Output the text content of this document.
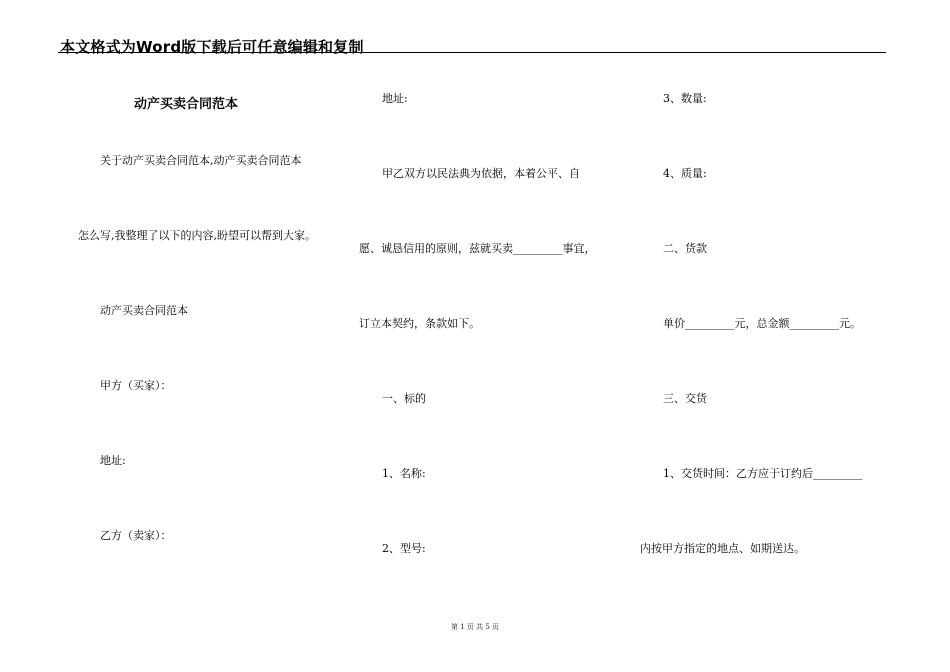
本文格式为Word版下载后可任意编辑和复制
动产买卖合同范本
关于动产买卖合同范本,动产买卖合同范本
怎么写,我整理了以下的内容,盼望可以帮到大家。
动产买卖合同范本
甲方（买家）：
地址:
乙方（卖家）：
地址:
甲乙双方以民法典为依据，本着公平、自
愿、诚恳信用的原则，兹就买卖_________事宜，
订立本契约，条款如下。
一、标的
1、名称:
2、型号:
3、数量:
4、质量:
二、货款
单价_________元，总金额_________元。
三、交货
1、交货时间：乙方应于订约后_________
内按甲方指定的地点、如期送达。
第 1 页 共 5 页
